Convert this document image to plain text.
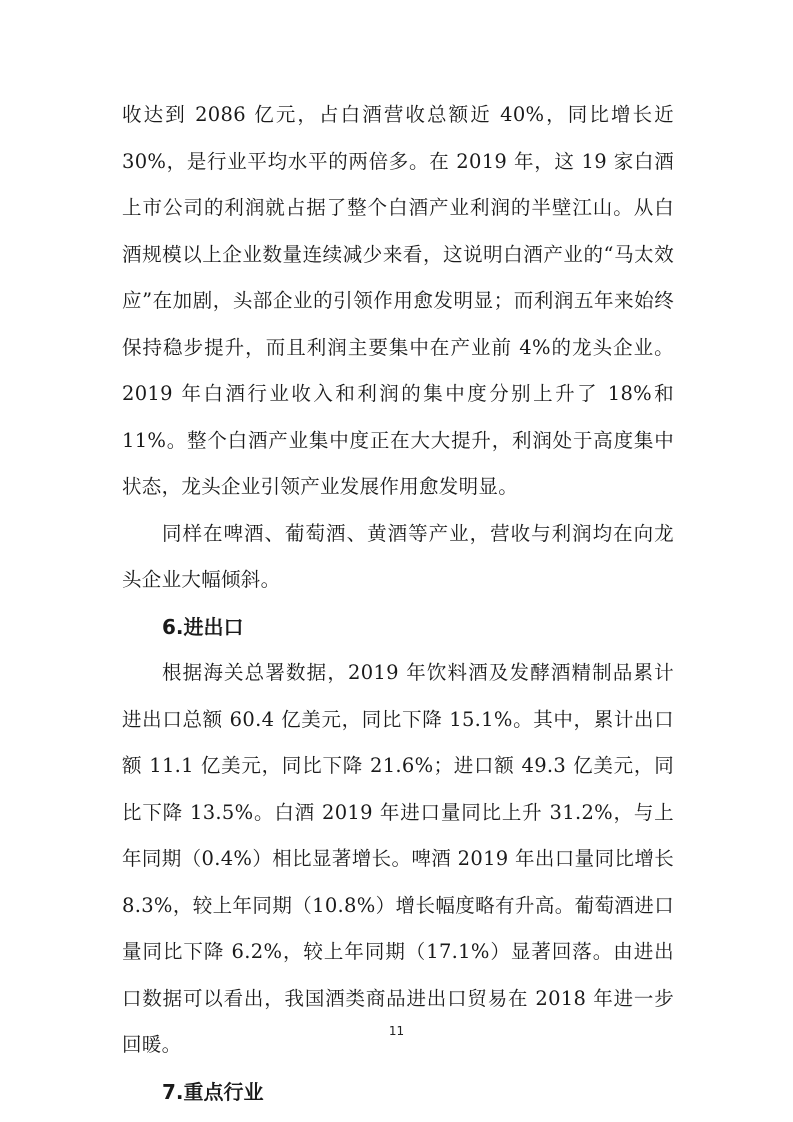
收达到 2086 亿元，占白酒营收总额近 40%，同比增长近 30%，是行业平均水平的两倍多。在 2019 年，这 19 家白酒上市公司的利润就占据了整个白酒产业利润的半壁江山。从白酒规模以上企业数量连续减少来看，这说明白酒产业的“马太效应”在加剧，头部企业的引领作用愈发明显；而利润五年来始终保持稳步提升，而且利润主要集中在产业前 4%的龙头企业。2019 年白酒行业收入和利润的集中度分别上升了 18%和 11%。整个白酒产业集中度正在大大提升，利润处于高度集中状态，龙头企业引领产业发展作用愈发明显。

同样在啤酒、葡萄酒、黄酒等产业，营收与利润均在向龙头企业大幅倾斜。

6.进出口

根据海关总署数据，2019 年饮料酒及发酵酒精制品累计进出口总额 60.4 亿美元，同比下降 15.1%。其中，累计出口额 11.1 亿美元，同比下降 21.6%；进口额 49.3 亿美元，同比下降 13.5%。白酒 2019 年进口量同比上升 31.2%，与上年同期（0.4%）相比显著增长。啤酒 2019 年出口量同比增长 8.3%，较上年同期（10.8%）增长幅度略有升高。葡萄酒进口量同比下降 6.2%，较上年同期（17.1%）显著回落。由进出口数据可以看出，我国酒类商品进出口贸易在 2018 年进一步回暖。

7.重点行业
11
